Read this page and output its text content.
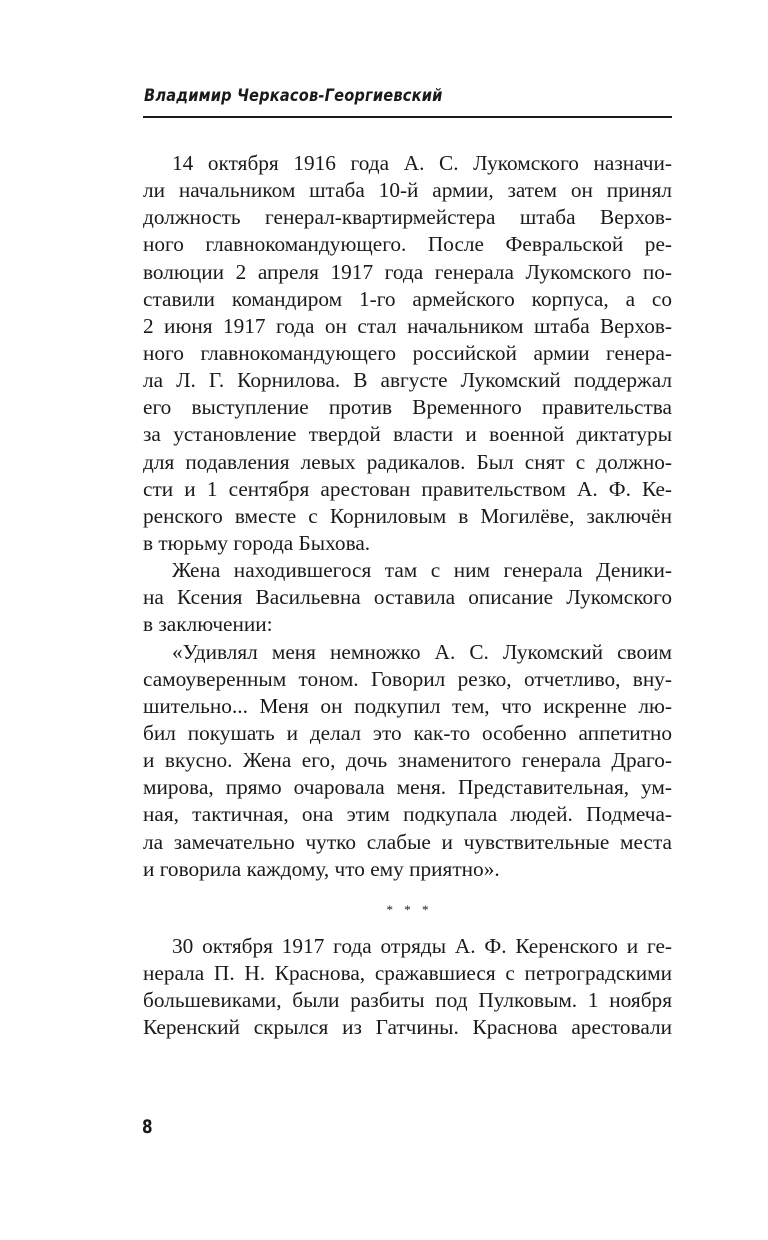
Владимир Черкасов-Георгиевский
14 октября 1916 года А. С. Лукомского назначи-
ли начальником штаба 10-й армии, затем он принял
должность генерал-квартирмейстера штаба Верхов-
ного главнокомандующего. После Февральской ре-
волюции 2 апреля 1917 года генерала Лукомского по-
ставили командиром 1-го армейского корпуса, а со
2 июня 1917 года он стал начальником штаба Верхов-
ного главнокомандующего российской армии генера-
ла Л. Г. Корнилова. В августе Лукомский поддержал
его выступление против Временного правительства
за установление твердой власти и военной диктатуры
для подавления левых радикалов. Был снят с должно-
сти и 1 сентября арестован правительством А. Ф. Ке-
ренского вместе с Корниловым в Могилёве, заключён
в тюрьму города Быхова.
Жена находившегося там с ним генерала Деники-
на Ксения Васильевна оставила описание Лукомского
в заключении:
«Удивлял меня немножко А. С. Лукомский своим
самоуверенным тоном. Говорил резко, отчетливо, вну-
шительно... Меня он подкупил тем, что искренне лю-
бил покушать и делал это как-то особенно аппетитно
и вкусно. Жена его, дочь знаменитого генерала Драго-
мирова, прямо очаровала меня. Представительная, ум-
ная, тактичная, она этим подкупала людей. Подмеча-
ла замечательно чутко слабые и чувствительные места
и говорила каждому, что ему приятно».
* * *
30 октября 1917 года отряды А. Ф. Керенского и ге-
нерала П. Н. Краснова, сражавшиеся с петроградскими
большевиками, были разбиты под Пулковым. 1 ноября
Керенский скрылся из Гатчины. Краснова арестовали
8
